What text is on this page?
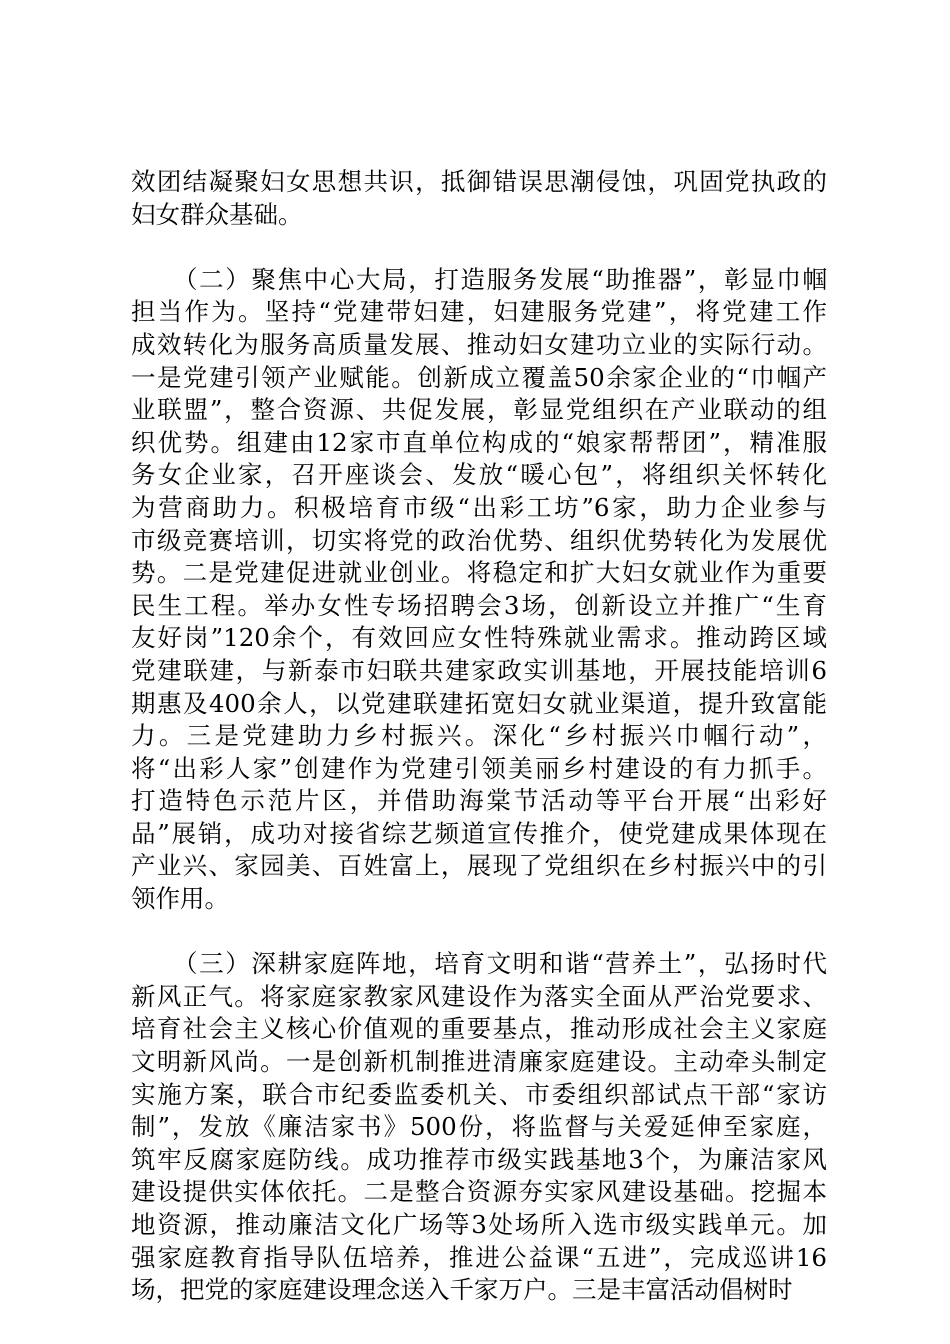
效团结凝聚妇女思想共识，抵御错误思潮侵蚀，巩固党执政的
妇女群众基础。
（二）聚焦中心大局，打造服务发展“助推器”，彰显巾帼
担当作为。坚持“党建带妇建，妇建服务党建”，将党建工作
成效转化为服务高质量发展、推动妇女建功立业的实际行动。
一是党建引领产业赋能。创新成立覆盖50余家企业的“巾帼产
业联盟”，整合资源、共促发展，彰显党组织在产业联动的组
织优势。组建由12家市直单位构成的“娘家帮帮团”，精准服
务女企业家，召开座谈会、发放“暖心包”，将组织关怀转化
为营商助力。积极培育市级“出彩工坊”6家，助力企业参与
市级竞赛培训，切实将党的政治优势、组织优势转化为发展优
势。二是党建促进就业创业。将稳定和扩大妇女就业作为重要
民生工程。举办女性专场招聘会3场，创新设立并推广“生育
友好岗”120余个，有效回应女性特殊就业需求。推动跨区域
党建联建，与新泰市妇联共建家政实训基地，开展技能培训6
期惠及400余人，以党建联建拓宽妇女就业渠道，提升致富能
力。三是党建助力乡村振兴。深化“乡村振兴巾帼行动”，
将“出彩人家”创建作为党建引领美丽乡村建设的有力抓手。
打造特色示范片区，并借助海棠节活动等平台开展“出彩好
品”展销，成功对接省综艺频道宣传推介，使党建成果体现在
产业兴、家园美、百姓富上，展现了党组织在乡村振兴中的引
领作用。
（三）深耕家庭阵地，培育文明和谐“营养土”，弘扬时代
新风正气。将家庭家教家风建设作为落实全面从严治党要求、
培育社会主义核心价值观的重要基点，推动形成社会主义家庭
文明新风尚。一是创新机制推进清廉家庭建设。主动牵头制定
实施方案，联合市纪委监委机关、市委组织部试点干部“家访
制”，发放《廉洁家书》500份，将监督与关爱延伸至家庭，
筑牢反腐家庭防线。成功推荐市级实践基地3个，为廉洁家风
建设提供实体依托。二是整合资源夯实家风建设基础。挖掘本
地资源，推动廉洁文化广场等3处场所入选市级实践单元。加
强家庭教育指导队伍培养，推进公益课“五进”，完成巡讲16
场，把党的家庭建设理念送入千家万户。三是丰富活动倡树时
